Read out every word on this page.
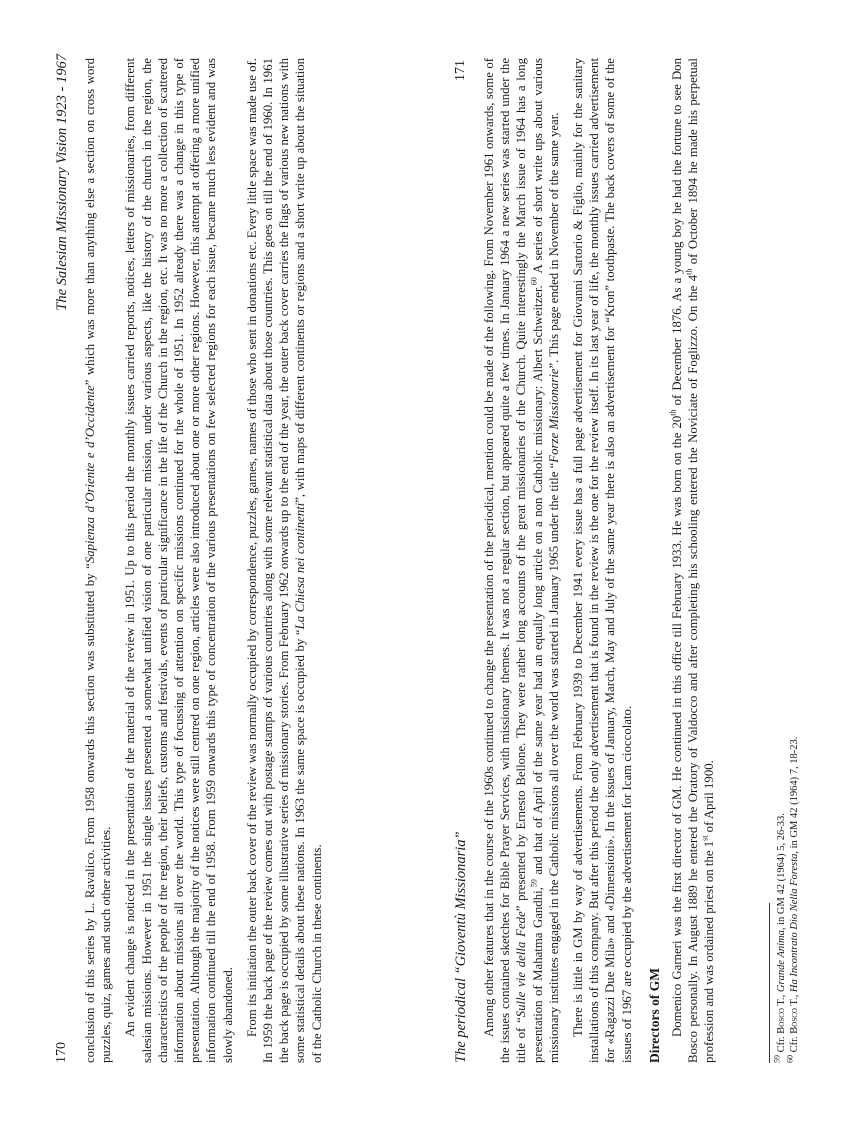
170
The Salesian Missionary Vision 1923 - 1967

conclusion of this series by L. Ravalico. From 1958 onwards this section was substituted by “Sapienza d’Oriente e d’Occidente” which was more than anything else a section on cross word puzzles, quiz, games and such other activities. An evident change is noticed in the presentation of the material of the review in 1951. Up to this period the monthly issues carried reports, notices, letters of missionaries, from different salesian missions. However in 1951 the single issues presented a somewhat unified vision of one particular mission, under various aspects, like the history of the church in the region, the characteristics of the people of the region, their beliefs, customs and festivals, events of particular significance in the life of the Church in the region, etc. It was no more a collection of scattered information about missions all over the world. This type of focussing of attention on specific missions continued for the whole of 1951. In 1952 already there was a change in this type of presentation. Although the majority of the notices were still centred on one region, articles were also introduced about one or more other regions. However, this attempt at offering a more unified information continued till the end of 1958. From 1959 onwards this type of concentration of the various presentations on few selected regions for each issue, became much less evident and was slowly abandoned. From its initiation the outer back cover of the review was normally occupied by correspondence, puzzles, games, names of those who sent in donations etc. Every little space was made use of. In 1959 the back page of the review comes out with postage stamps of various countries along with some relevant statistical data about those countries. This goes on till the end of 1960. In 1961 the back page is occupied by some illustrative series of missionary stories. From February 1962 onwards up to the end of the year, the outer back cover carries the flags of various new nations with some statistical details about these nations. In 1963 the same space is occupied by “La Chiesa nei continenti”, with maps of different continents or regions and a short write up about the situation of the Catholic Church in these continents.	The periodical “Gioventù Missionaria”
171 Among other features that in the course of the 1960s continued to change the presentation of the periodical, mention could be made of the following. From November 1961 onwards, some of the issues contained sketches for Bible Prayer Services, with missionary themes. It was not a regular section, but appeared quite a few times. In January 1964 a new series was started under the title of “Sulle vie della Fede” presented by Ernesto Bellone. They were rather long accounts of the great missionaries of the Church. Quite interestingly the March issue of 1964 has a long presentation of Mahatma Gandhi,$^{59}$ and that of April of the same year had an equally long article on a non Catholic missionary: Albert Schweitzer.$^{60}$ A series of short write ups about various missionary institutes engaged in the Catholic missions all over the world was started in January 1965 under the title “Forze Missionarie”. This page ended in November of the same year. There is little in GM by way of advertisements. From February 1939 to December 1941 every issue has a full page advertisement for Giovanni Sartorio & Figlio, mainly for the sanitary installations of this company. But after this period the only advertisement that is found in the review is the one for the review itself. In its last year of life, the monthly issues carried advertisement for «Ragazzi Due Mila» and «Dimensioni». In the issues of January, March, May and July of the same year there is also an advertisement for “Kron” toothpaste. The back covers of some of the issues of 1967 are occupied by the advertisement for Icam cioccolato. Directors of GM Domenico Garneri was the first director of GM. He continued in this office till February 1933. He was born on the 20th of December 1876. As a young boy he had the fortune to see Don Bosco personally. In August 1889 he entered the Oratory of Valdocco and after completing his schooling entered the Noviciate of Foglizzo. On the 4th of October 1894 he made his perpetual profession and was ordained priest on the 1st of April 1900.

$^{59}$ Cfr. Bosco T., Grande Anima, in GM 42 (1964) 5, 26-33.

$^{60}$ Cfr. Bosco T., Ha Incontrato Dio Nella Foresta, in GM 42 (1964) 7, 18-23.
